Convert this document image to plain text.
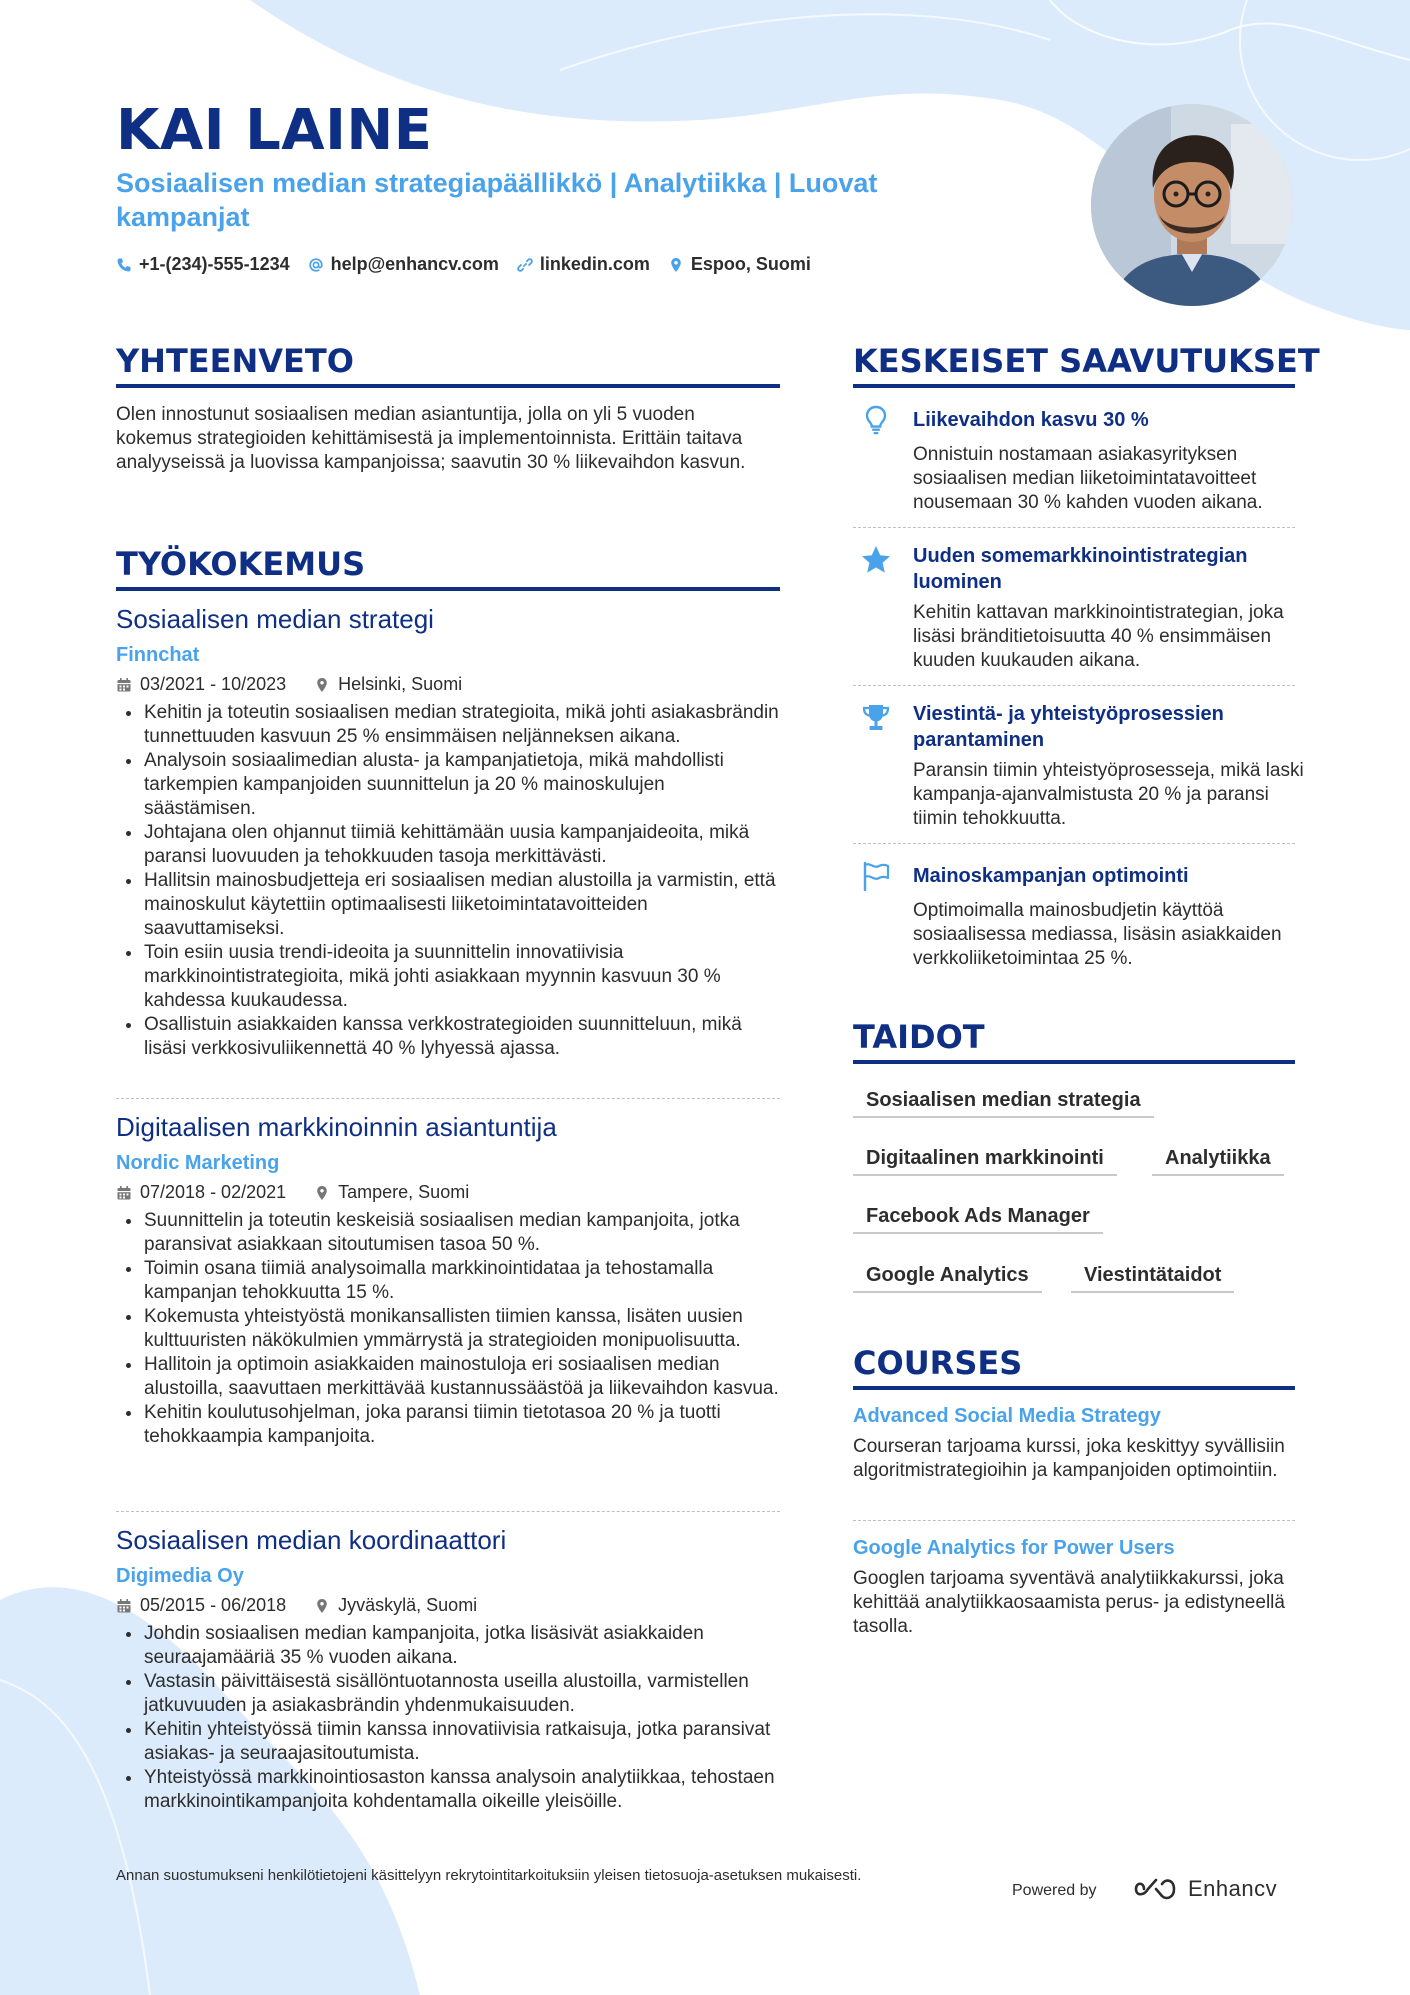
KAI LAINE
Sosiaalisen median strategiapäällikkö | Analytiikka | Luovat kampanjat
+1-(234)-555-1234 help@enhancv.com linkedin.com Espoo, Suomi
YHTEENVETO
Olen innostunut sosiaalisen median asiantuntija, jolla on yli 5 vuoden kokemus strategioiden kehittämisestä ja implementoinnista. Erittäin taitava analyyseissä ja luovissa kampanjoissa; saavutin 30 % liikevaihdon kasvun.
TYÖKOKEMUS
Sosiaalisen median strategi
Finnchat
03/2021 - 10/2023	Helsinki, Suomi
Kehitin ja toteutin sosiaalisen median strategioita, mikä johti asiakasbrändin tunnettuuden kasvuun 25 % ensimmäisen neljänneksen aikana.
Analysoin sosiaalimedian alusta- ja kampanjatietoja, mikä mahdollisti tarkempien kampanjoiden suunnittelun ja 20 % mainoskulujen säästämisen.
Johtajana olen ohjannut tiimiä kehittämään uusia kampanjaideoita, mikä paransi luovuuden ja tehokkuuden tasoja merkittävästi.
Hallitsin mainosbudjetteja eri sosiaalisen median alustoilla ja varmistin, että mainoskulut käytettiin optimaalisesti liiketoimintatavoitteiden saavuttamiseksi.
Toin esiin uusia trendi-ideoita ja suunnittelin innovatiivisia markkinointistrategioita, mikä johti asiakkaan myynnin kasvuun 30 % kahdessa kuukaudessa.
Osallistuin asiakkaiden kanssa verkkostrategioiden suunnitteluun, mikä lisäsi verkkosivuliikennettä 40 % lyhyessä ajassa.
Digitaalisen markkinoinnin asiantuntija
Nordic Marketing
07/2018 - 02/2021	Tampere, Suomi
Suunnittelin ja toteutin keskeisiä sosiaalisen median kampanjoita, jotka paransivat asiakkaan sitoutumisen tasoa 50 %.
Toimin osana tiimiä analysoimalla markkinointidataa ja tehostamalla kampanjan tehokkuutta 15 %.
Kokemusta yhteistyöstä monikansallisten tiimien kanssa, lisäten uusien kulttuuristen näkökulmien ymmärrystä ja strategioiden monipuolisuutta.
Hallitoin ja optimoin asiakkaiden mainostuloja eri sosiaalisen median alustoilla, saavuttaen merkittävää kustannussäästöä ja liikevaihdon kasvua.
Kehitin koulutusohjelman, joka paransi tiimin tietotasoa 20 % ja tuotti tehokkaampia kampanjoita.
Sosiaalisen median koordinaattori
Digimedia Oy
05/2015 - 06/2018	Jyväskylä, Suomi
Johdin sosiaalisen median kampanjoita, jotka lisäsivät asiakkaiden seuraajamääriä 35 % vuoden aikana.
Vastasin päivittäisestä sisällöntuotannosta useilla alustoilla, varmistellen jatkuvuuden ja asiakasbrändin yhdenmukaisuuden.
Kehitin yhteistyössä tiimin kanssa innovatiivisia ratkaisuja, jotka paransivat asiakas- ja seuraajasitoutumista.
Yhteistyössä markkinointiosaston kanssa analysoin analytiikkaa, tehostaen markkinointikampanjoita kohdentamalla oikeille yleisöille.
KESKEISET SAAVUTUKSET
Liikevaihdon kasvu 30 %
Onnistuin nostamaan asiakasyrityksen sosiaalisen median liiketoimintatavoitteet nousemaan 30 % kahden vuoden aikana.
Uuden somemarkkinointistrategian luominen
Kehitin kattavan markkinointistrategian, joka lisäsi bränditietoisuutta 40 % ensimmäisen kuuden kuukauden aikana.
Viestintä- ja yhteistyöprosessien parantaminen
Paransin tiimin yhteistyöprosesseja, mikä laski kampanja-ajanvalmistusta 20 % ja paransi tiimin tehokkuutta.
Mainoskampanjan optimointi
Optimoimalla mainosbudjetin käyttöä sosiaalisessa mediassa, lisäsin asiakkaiden verkkoliiketoimintaa 25 %.
TAIDOT
Sosiaalisen median strategia
Digitaalinen markkinointi	Analytiikka
Facebook Ads Manager
Google Analytics	Viestintätaidot
COURSES
Advanced Social Media Strategy
Courseran tarjoama kurssi, joka keskittyy syvällisiin algoritmistrategioihin ja kampanjoiden optimointiin.
Google Analytics for Power Users
Googlen tarjoama syventävä analytiikkakurssi, joka kehittää analytiikkaosaamista perus- ja edistyneellä tasolla.
Annan suostumukseni henkilötietojeni käsittelyyn rekrytointitarkoituksiin yleisen tietosuoja-asetuksen mukaisesti.
Powered by	Enhancv
